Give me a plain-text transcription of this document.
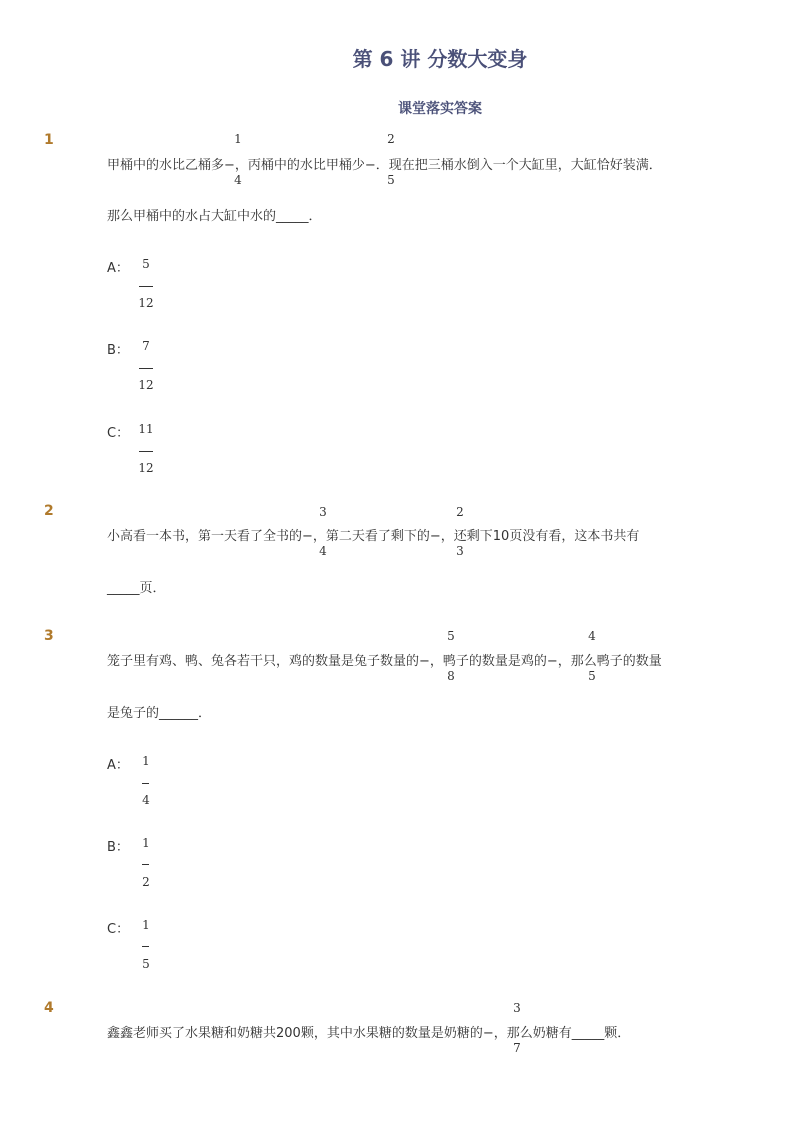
第 6 讲 分数大变身
课堂落实答案
1	1
4
2
5
甲桶中的水比乙桶多−，丙桶中的水比甲桶少−．现在把三桶水倒入一个大缸里，大缸恰好装满．
那么甲桶中的水占大缸中水的_____．
A：	5
12
B：	7
12
C： 11
12
2	3
4
2
3
小高看一本书，第一天看了全书的−，第二天看了剩下的−，还剩下10页没有看，这本书共有
_____页．
3	5
8
4
5
笼子里有鸡、鸭、兔各若干只，鸡的数量是兔子数量的−，鸭子的数量是鸡的−，那么鸭子的数量
是兔子的______．
A：	1
4
B：	1
2
C：	1
5
4	3
7
鑫鑫老师买了水果糖和奶糖共200颗，其中水果糖的数量是奶糖的−，那么奶糖有_____颗．
